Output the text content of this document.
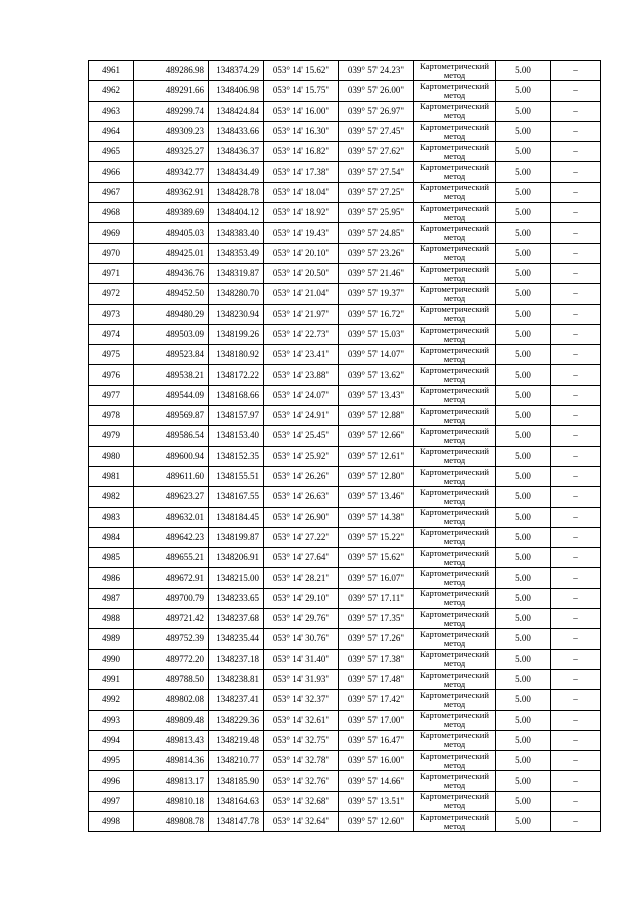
4961	489286.98	1348374.29	053° 14' 15.62"	039° 57' 24.23"	Картометрический метод	5.00	–
4962	489291.66	1348406.98	053° 14' 15.75"	039° 57' 26.00"	Картометрический метод	5.00	–
4963	489299.74	1348424.84	053° 14' 16.00"	039° 57' 26.97"	Картометрический метод	5.00	–
4964	489309.23	1348433.66	053° 14' 16.30"	039° 57' 27.45"	Картометрический метод	5.00	–
4965	489325.27	1348436.37	053° 14' 16.82"	039° 57' 27.62"	Картометрический метод	5.00	–
4966	489342.77	1348434.49	053° 14' 17.38"	039° 57' 27.54"	Картометрический метод	5.00	–
4967	489362.91	1348428.78	053° 14' 18.04"	039° 57' 27.25"	Картометрический метод	5.00	–
4968	489389.69	1348404.12	053° 14' 18.92"	039° 57' 25.95"	Картометрический метод	5.00	–
4969	489405.03	1348383.40	053° 14' 19.43"	039° 57' 24.85"	Картометрический метод	5.00	–
4970	489425.01	1348353.49	053° 14' 20.10"	039° 57' 23.26"	Картометрический метод	5.00	–
4971	489436.76	1348319.87	053° 14' 20.50"	039° 57' 21.46"	Картометрический метод	5.00	–
4972	489452.50	1348280.70	053° 14' 21.04"	039° 57' 19.37"	Картометрический метод	5.00	–
4973	489480.29	1348230.94	053° 14' 21.97"	039° 57' 16.72"	Картометрический метод	5.00	–
4974	489503.09	1348199.26	053° 14' 22.73"	039° 57' 15.03"	Картометрический метод	5.00	–
4975	489523.84	1348180.92	053° 14' 23.41"	039° 57' 14.07"	Картометрический метод	5.00	–
4976	489538.21	1348172.22	053° 14' 23.88"	039° 57' 13.62"	Картометрический метод	5.00	–
4977	489544.09	1348168.66	053° 14' 24.07"	039° 57' 13.43"	Картометрический метод	5.00	–
4978	489569.87	1348157.97	053° 14' 24.91"	039° 57' 12.88"	Картометрический метод	5.00	–
4979	489586.54	1348153.40	053° 14' 25.45"	039° 57' 12.66"	Картометрический метод	5.00	–
4980	489600.94	1348152.35	053° 14' 25.92"	039° 57' 12.61"	Картометрический метод	5.00	–
4981	489611.60	1348155.51	053° 14' 26.26"	039° 57' 12.80"	Картометрический метод	5.00	–
4982	489623.27	1348167.55	053° 14' 26.63"	039° 57' 13.46"	Картометрический метод	5.00	–
4983	489632.01	1348184.45	053° 14' 26.90"	039° 57' 14.38"	Картометрический метод	5.00	–
4984	489642.23	1348199.87	053° 14' 27.22"	039° 57' 15.22"	Картометрический метод	5.00	–
4985	489655.21	1348206.91	053° 14' 27.64"	039° 57' 15.62"	Картометрический метод	5.00	–
4986	489672.91	1348215.00	053° 14' 28.21"	039° 57' 16.07"	Картометрический метод	5.00	–
4987	489700.79	1348233.65	053° 14' 29.10"	039° 57' 17.11"	Картометрический метод	5.00	–
4988	489721.42	1348237.68	053° 14' 29.76"	039° 57' 17.35"	Картометрический метод	5.00	–
4989	489752.39	1348235.44	053° 14' 30.76"	039° 57' 17.26"	Картометрический метод	5.00	–
4990	489772.20	1348237.18	053° 14' 31.40"	039° 57' 17.38"	Картометрический метод	5.00	–
4991	489788.50	1348238.81	053° 14' 31.93"	039° 57' 17.48"	Картометрический метод	5.00	–
4992	489802.08	1348237.41	053° 14' 32.37"	039° 57' 17.42"	Картометрический метод	5.00	–
4993	489809.48	1348229.36	053° 14' 32.61"	039° 57' 17.00"	Картометрический метод	5.00	–
4994	489813.43	1348219.48	053° 14' 32.75"	039° 57' 16.47"	Картометрический метод	5.00	–
4995	489814.36	1348210.77	053° 14' 32.78"	039° 57' 16.00"	Картометрический метод	5.00	–
4996	489813.17	1348185.90	053° 14' 32.76"	039° 57' 14.66"	Картометрический метод	5.00	–
4997	489810.18	1348164.63	053° 14' 32.68"	039° 57' 13.51"	Картометрический метод	5.00	–
4998	489808.78	1348147.78	053° 14' 32.64"	039° 57' 12.60"	Картометрический метод	5.00	–
